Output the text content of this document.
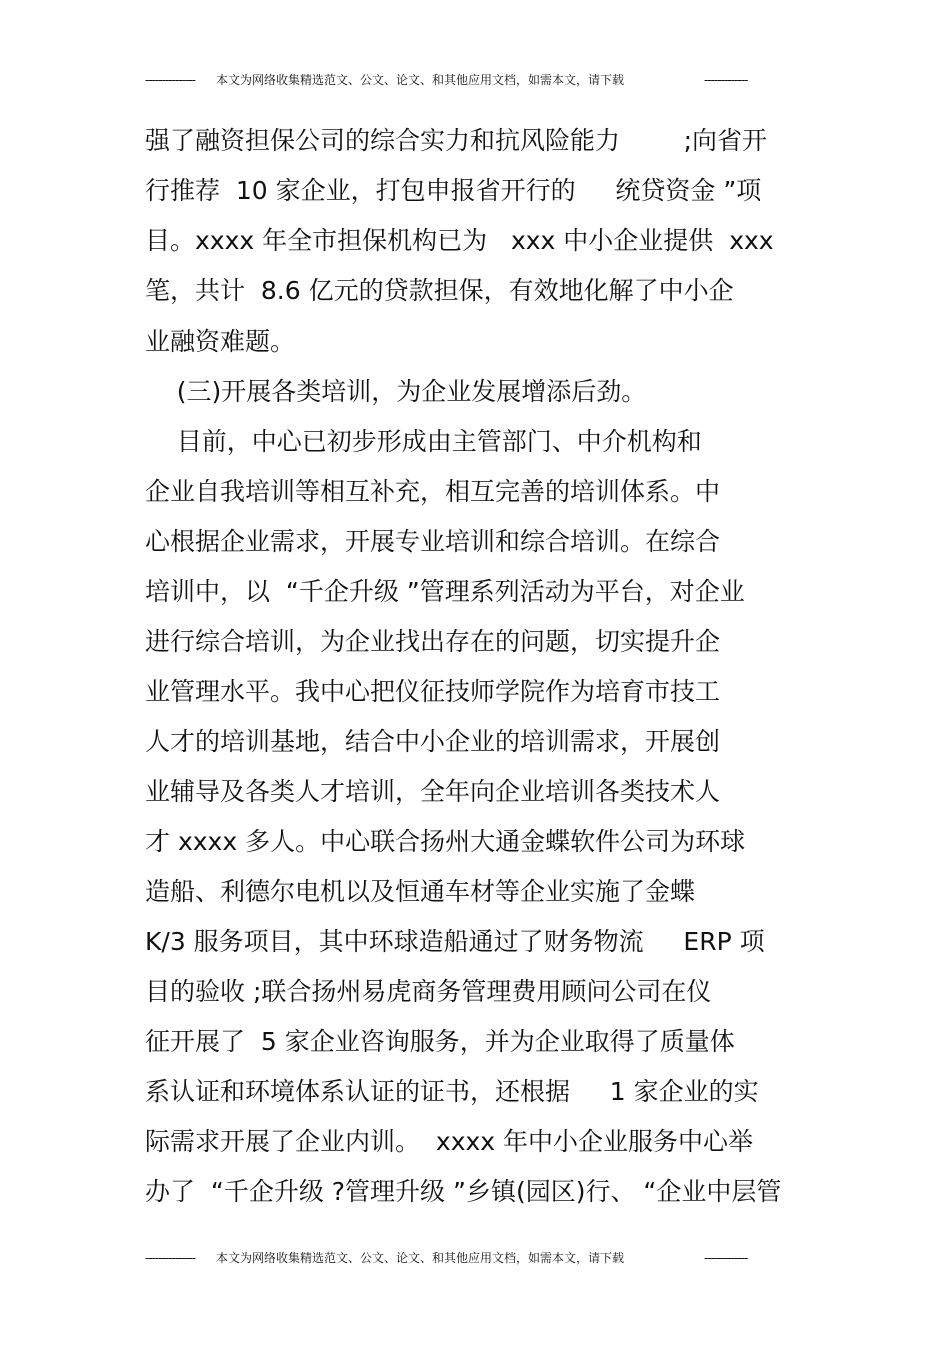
--------------- 本文为网络收集精选范文、公文、论文、和其他应用文档，如需本文，请下载	-------------
强了融资担保公司的综合实力和抗风险能力        ;向省开
行推荐  10 家企业，打包申报省开行的     统贷资金 ”项
目。xxxx 年全市担保机构已为   xxx 中小企业提供  xxx
笔，共计  8.6 亿元的贷款担保，有效地化解了中小企
业融资难题。
(三)开展各类培训，为企业发展增添后劲。
目前，中心已初步形成由主管部门、中介机构和
企业自我培训等相互补充，相互完善的培训体系。中
心根据企业需求，开展专业培训和综合培训。在综合
培训中，以  “千企升级 ”管理系列活动为平台，对企业
进行综合培训，为企业找出存在的问题，切实提升企
业管理水平。我中心把仪征技师学院作为培育市技工
人才的培训基地，结合中小企业的培训需求，开展创
业辅导及各类人才培训，全年向企业培训各类技术人
才 xxxx 多人。中心联合扬州大通金蝶软件公司为环球
造船、利德尔电机以及恒通车材等企业实施了金蝶
K/3 服务项目，其中环球造船通过了财务物流     ERP 项
目的验收 ;联合扬州易虎商务管理费用顾问公司在仪
征开展了  5 家企业咨询服务，并为企业取得了质量体
系认证和环境体系认证的证书，还根据     1 家企业的实
际需求开展了企业内训。  xxxx 年中小企业服务中心举
办了  “千企升级 ?管理升级 ”乡镇(园区)行、 “企业中层管
--------------- 本文为网络收集精选范文、公文、论文、和其他应用文档，如需本文，请下载	-------------
